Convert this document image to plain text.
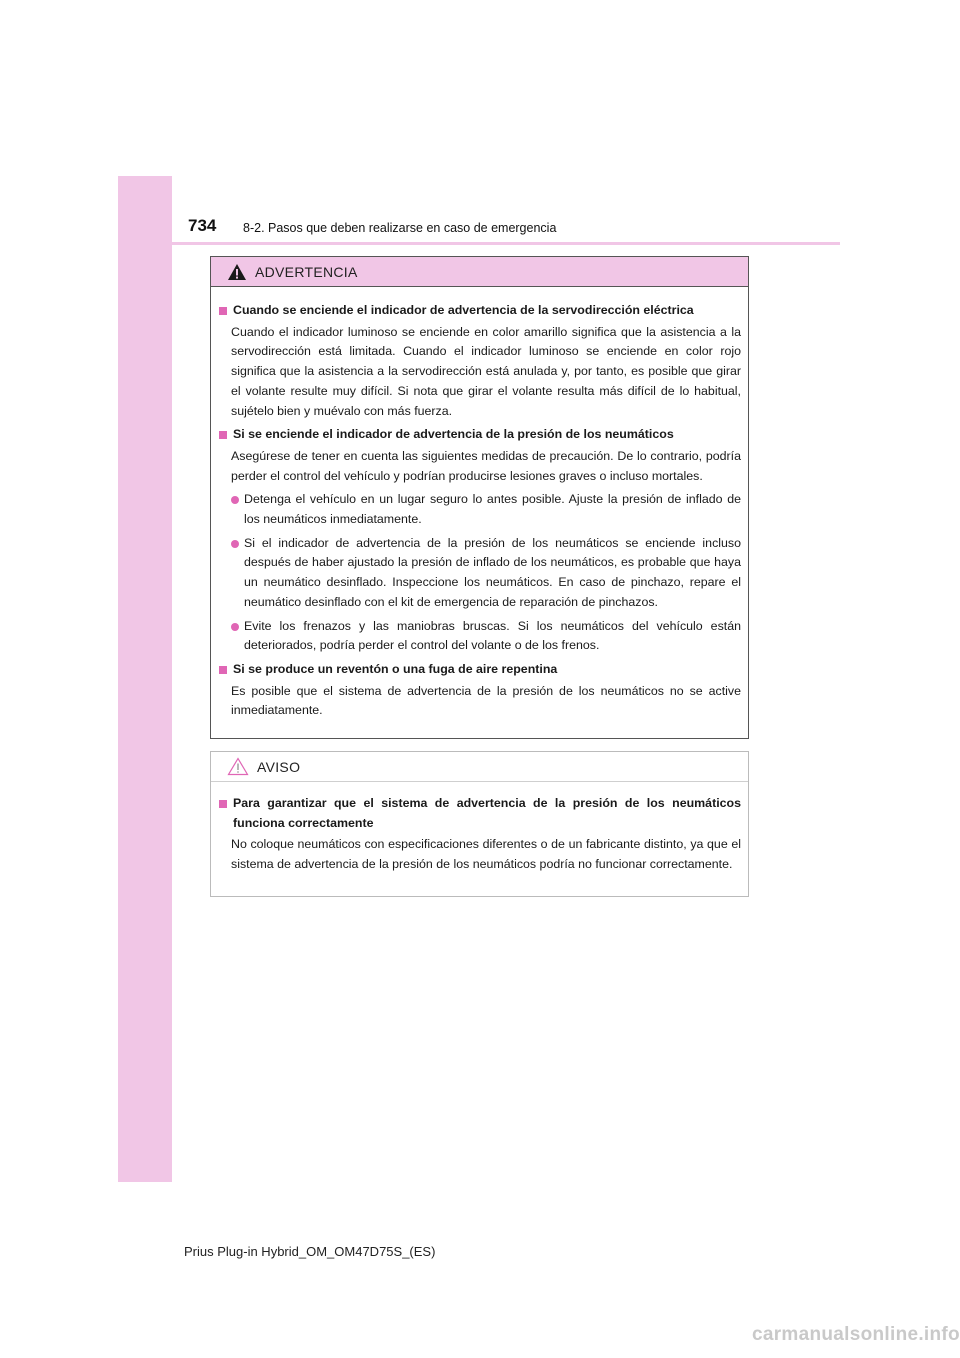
734 8-2. Pasos que deben realizarse en caso de emergencia
ADVERTENCIA
Cuando se enciende el indicador de advertencia de la servodirección eléctrica
Cuando el indicador luminoso se enciende en color amarillo significa que la asistencia a la servodirección está limitada. Cuando el indicador luminoso se enciende en color rojo significa que la asistencia a la servodirección está anulada y, por tanto, es posible que girar el volante resulte muy difícil. Si nota que girar el volante resulta más difícil de lo habitual, sujételo bien y muévalo con más fuerza.
Si se enciende el indicador de advertencia de la presión de los neumáticos
Asegúrese de tener en cuenta las siguientes medidas de precaución. De lo contrario, podría perder el control del vehículo y podrían producirse lesiones graves o incluso mortales.
Detenga el vehículo en un lugar seguro lo antes posible. Ajuste la presión de inflado de los neumáticos inmediatamente.
Si el indicador de advertencia de la presión de los neumáticos se enciende incluso después de haber ajustado la presión de inflado de los neumáticos, es probable que haya un neumático desinflado. Inspeccione los neumáticos. En caso de pinchazo, repare el neumático desinflado con el kit de emergencia de reparación de pinchazos.
Evite los frenazos y las maniobras bruscas. Si los neumáticos del vehículo están deteriorados, podría perder el control del volante o de los frenos.
Si se produce un reventón o una fuga de aire repentina
Es posible que el sistema de advertencia de la presión de los neumáticos no se active inmediatamente.
AVISO
Para garantizar que el sistema de advertencia de la presión de los neumáticos funciona correctamente
No coloque neumáticos con especificaciones diferentes o de un fabricante distinto, ya que el sistema de advertencia de la presión de los neumáticos podría no funcionar correctamente.
Prius Plug-in Hybrid_OM_OM47D75S_(ES)
carmanualsonline.info
